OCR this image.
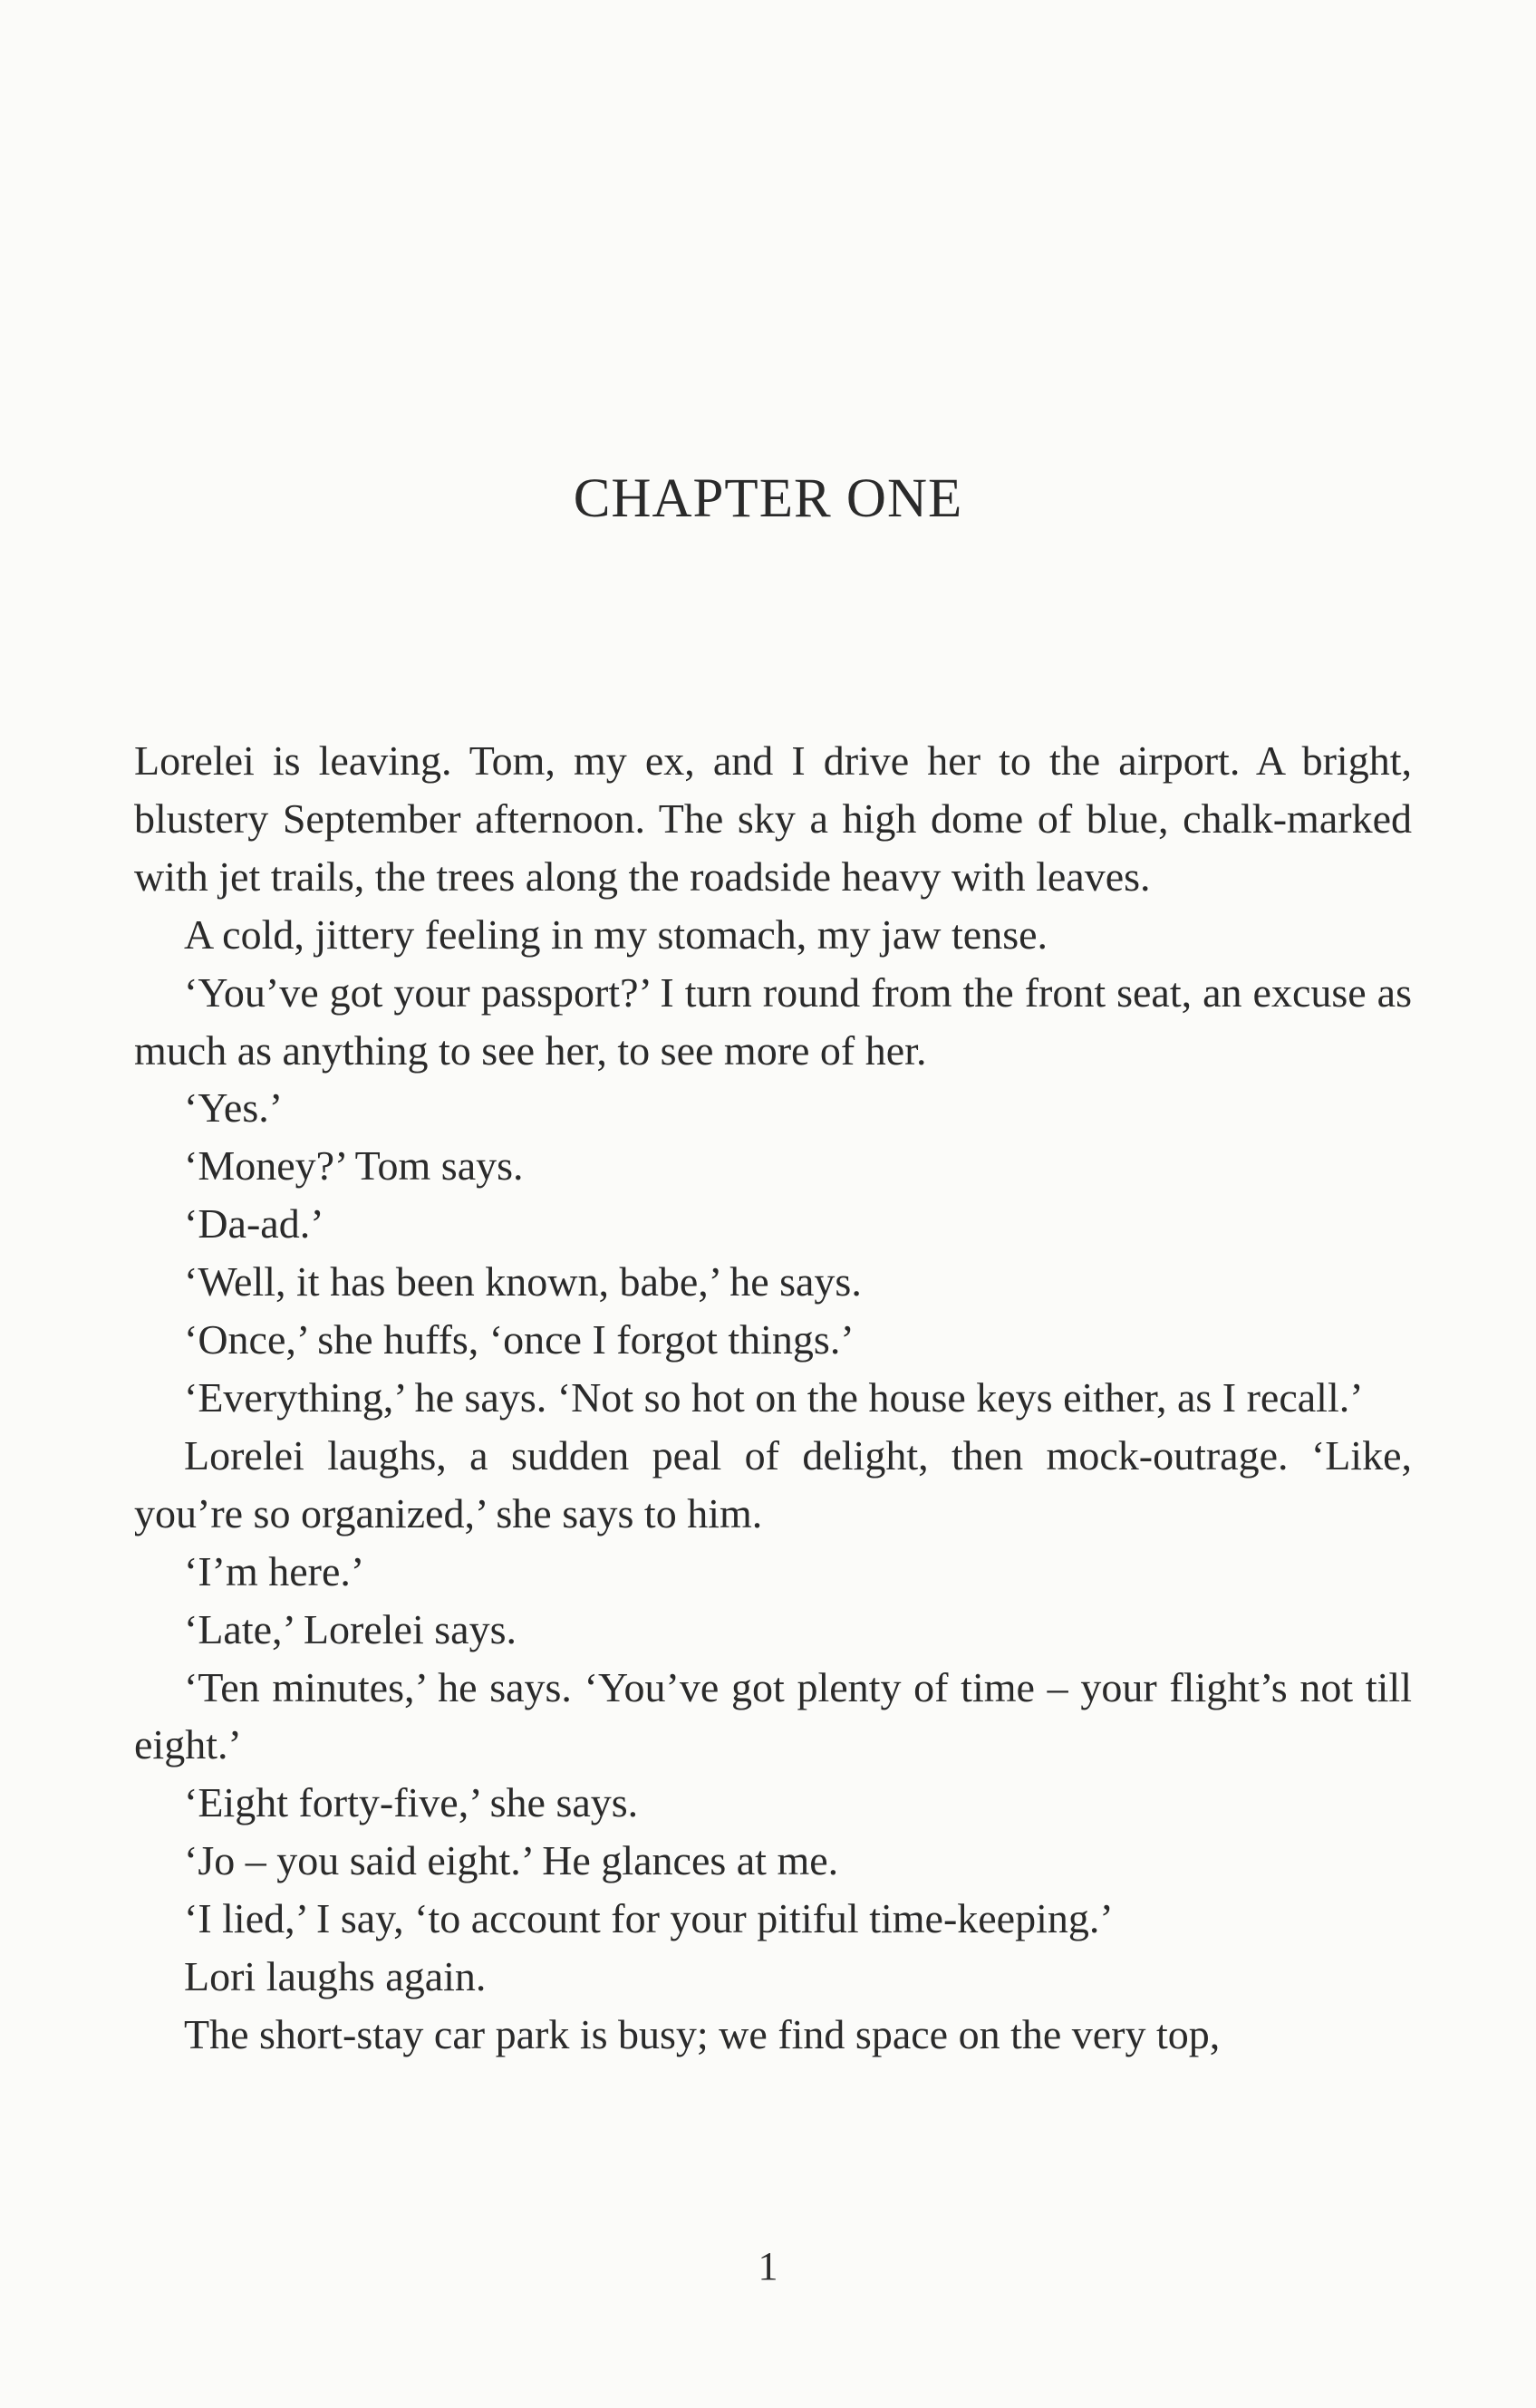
CHAPTER ONE

Lorelei is leaving. Tom, my ex, and I drive her to the airport. A bright, blustery September afternoon. The sky a high dome of blue, chalk-marked with jet trails, the trees along the roadside heavy with leaves.

A cold, jittery feeling in my stomach, my jaw tense.

‘You’ve got your passport?’ I turn round from the front seat, an excuse as much as anything to see her, to see more of her.

‘Yes.’

‘Money?’ Tom says.

‘Da-ad.’

‘Well, it has been known, babe,’ he says.

‘Once,’ she huffs, ‘once I forgot things.’

‘Everything,’ he says. ‘Not so hot on the house keys either, as I recall.’

Lorelei laughs, a sudden peal of delight, then mock-outrage. ‘Like, you’re so organized,’ she says to him.

‘I’m here.’

‘Late,’ Lorelei says.

‘Ten minutes,’ he says. ‘You’ve got plenty of time – your flight’s not till eight.’

‘Eight forty-five,’ she says.

‘Jo – you said eight.’ He glances at me.

‘I lied,’ I say, ‘to account for your pitiful time-keeping.’

Lori laughs again.

The short-stay car park is busy; we find space on the very top,

1
